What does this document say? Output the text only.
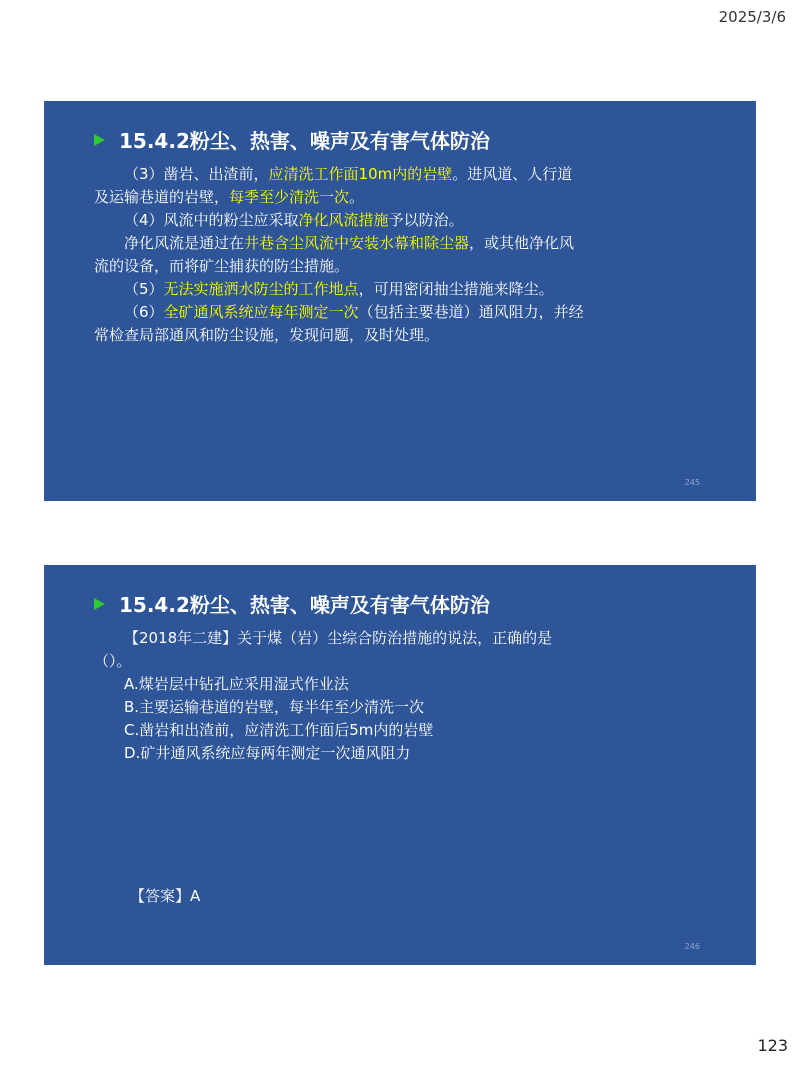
2025/3/6
15.4.2粉尘、热害、噪声及有害气体防治

（3）凿岩、出渣前，应清洗工作面10m内的岩壁。进风道、人行道及运输巷道的岩壁，每季至少清洗一次。

（4）风流中的粉尘应采取净化风流措施予以防治。

净化风流是通过在井巷含尘风流中安装水幕和除尘器，或其他净化风流的设备，而将矿尘捕获的防尘措施。

（5）无法实施洒水防尘的工作地点，可用密闭抽尘措施来降尘。

（6）全矿通风系统应每年测定一次（包括主要巷道）通风阻力，并经常检查局部通风和防尘设施，发现问题，及时处理。

245
15.4.2粉尘、热害、噪声及有害气体防治

【2018年二建】关于煤（岩）尘综合防治措施的说法，正确的是（）。

A.煤岩层中钻孔应采用湿式作业法

B.主要运输巷道的岩壁，每半年至少清洗一次

C.凿岩和出渣前，应清洗工作面后5m内的岩壁

D.矿井通风系统应每两年测定一次通风阻力

【答案】A
246
123
